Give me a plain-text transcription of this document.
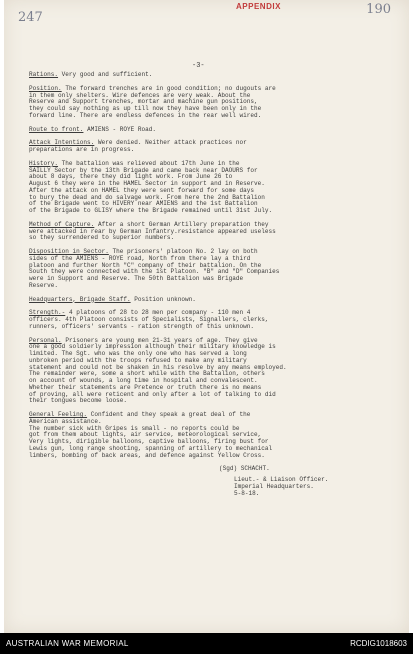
247
APPENDIX	190
-3-

Rations. Very good and sufficient.

Position. The forward trenches are in good condition; no dugouts are

in them only shelters. Wire defences are very weak. About the

Reserve and Support trenches, mortar and machine gun positions,

they could say nothing as up till now they have been only in the

forward line. There are endless defences in the rear well wired.

Route to front. AMIENS - ROYE Road.

Attack Intentions. Were denied. Neither attack practices nor

preparations are in progress.

History. The battalion was relieved about 17th June in the

SAILLY Sector by the 13th Brigade and came back near DAOURS for

about 8 days, there they did light work. From June 26 to

August 6 they were in the HAMEL Sector in support and in Reserve.

After the attack on HAMEL they were sent forward for some days

to bury the dead and do salvage work. From here the 2nd Battalion

of the Brigade went to HIVERY near AMIENS and the 1st Battalion

of the Brigade to GLISY where the Brigade remained until 31st July.

Method of Capture. After a short German Artillery preparation they

were attacked in rear by German Infantry.resistance appeared useless

so they surrendered to superior numbers.

Disposition in Sector. The prisoners' platoon No. 2 lay on both

sides of the AMIENS - ROYE road, North from there lay a third

platoon and further North "C" company of their battalion. On the

South they were connected with the 1st Platoon. "B" and "D" Companies

were in Support and Reserve. The 50th Battalion was Brigade

Reserve.

Headquarters, Brigade Staff. Position unknown.

Strength.- 4 platoons of 28 to 28 men per company - 110 men 4

officers. 4th Platoon consists of Specialists, Signallers, clerks,

runners, officers' servants - ration strength of this unknown.

Personal. Prisoners are young men 21-31 years of age. They give

one a good soldierly impression although their military knowledge is

limited. The Sgt. who was the only one who has served a long

unbroken period with the troops refused to make any military

statement and could not be shaken in his resolve by any means employed.

The remainder were, some a short while with the Battalion, others

on account of wounds, a long time in hospital and convalescent.

Whether their statements are Pretence or truth there is no means

of proving, all were reticent and only after a lot of talking to did

their tongues become loose.

General Feeling. Confident and they speak a great deal of the

American assistance.

The number sick with Gripes is small - no reports could be

got from them about lights, air service, meteorological service,

Very lights, dirigible balloons, captive balloons, firing bust for

Lewis gun, long range shooting, spanning of artillery to mechanical

limbers, bombing of back areas, and defence against Yellow Cross.

(Sgd) SCHACHT.

Lieut.- & Liaison Officer.

Imperial Headquarters.

5-8-18.

AUSTRALIAN WAR MEMORIAL	RCDIG1018603
